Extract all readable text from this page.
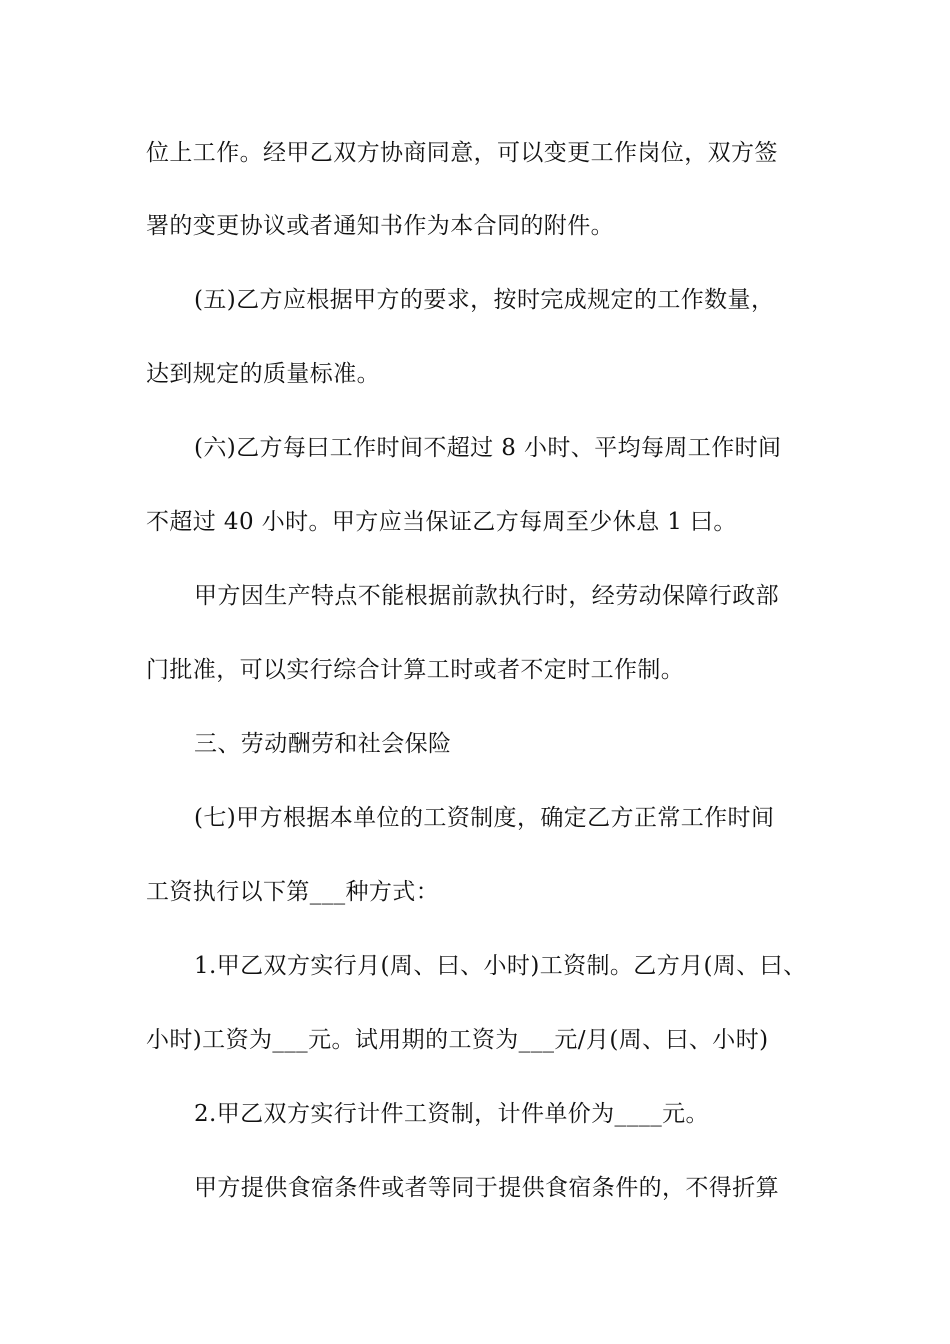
位上工作。经甲乙双方协商同意，可以变更工作岗位，双方签
署的变更协议或者通知书作为本合同的附件。
(五)乙方应根据甲方的要求，按时完成规定的工作数量，
达到规定的质量标准。
(六)乙方每曰工作时间不超过 8 小时、平均每周工作时间
不超过 40 小时。甲方应当保证乙方每周至少休息 1 曰。
甲方因生产特点不能根据前款执行时，经劳动保障行政部
门批准，可以实行综合计算工时或者不定时工作制。
三、劳动酬劳和社会保险
(七)甲方根据本单位的工资制度，确定乙方正常工作时间
工资执行以下第___种方式：
1.甲乙双方实行月(周、曰、小时)工资制。乙方月(周、曰、
小时)工资为___元。试用期的工资为___元/月(周、曰、小时)
2.甲乙双方实行计件工资制，计件单价为____元。
甲方提供食宿条件或者等同于提供食宿条件的，不得折算
